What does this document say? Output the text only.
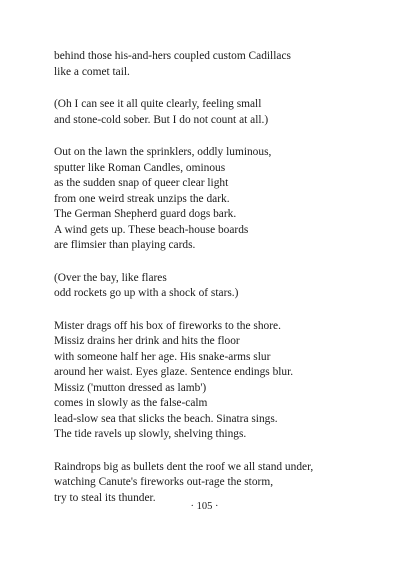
behind those his-and-hers coupled custom Cadillacs
like a comet tail.
(Oh I can see it all quite clearly, feeling small
and stone-cold sober. But I do not count at all.)
Out on the lawn the sprinklers, oddly luminous,
sputter like Roman Candles, ominous
as the sudden snap of queer clear light
from one weird streak unzips the dark.
The German Shepherd guard dogs bark.
A wind gets up. These beach-house boards
are flimsier than playing cards.
(Over the bay, like flares
odd rockets go up with a shock of stars.)
Mister drags off his box of fireworks to the shore.
Missiz drains her drink and hits the floor
with someone half her age. His snake-arms slur
around her waist. Eyes glaze. Sentence endings blur.
Missiz ('mutton dressed as lamb')
comes in slowly as the false-calm
lead-slow sea that slicks the beach. Sinatra sings.
The tide ravels up slowly, shelving things.
Raindrops big as bullets dent the roof we all stand under,
watching Canute's fireworks out-rage the storm,
try to steal its thunder.
· 105 ·
